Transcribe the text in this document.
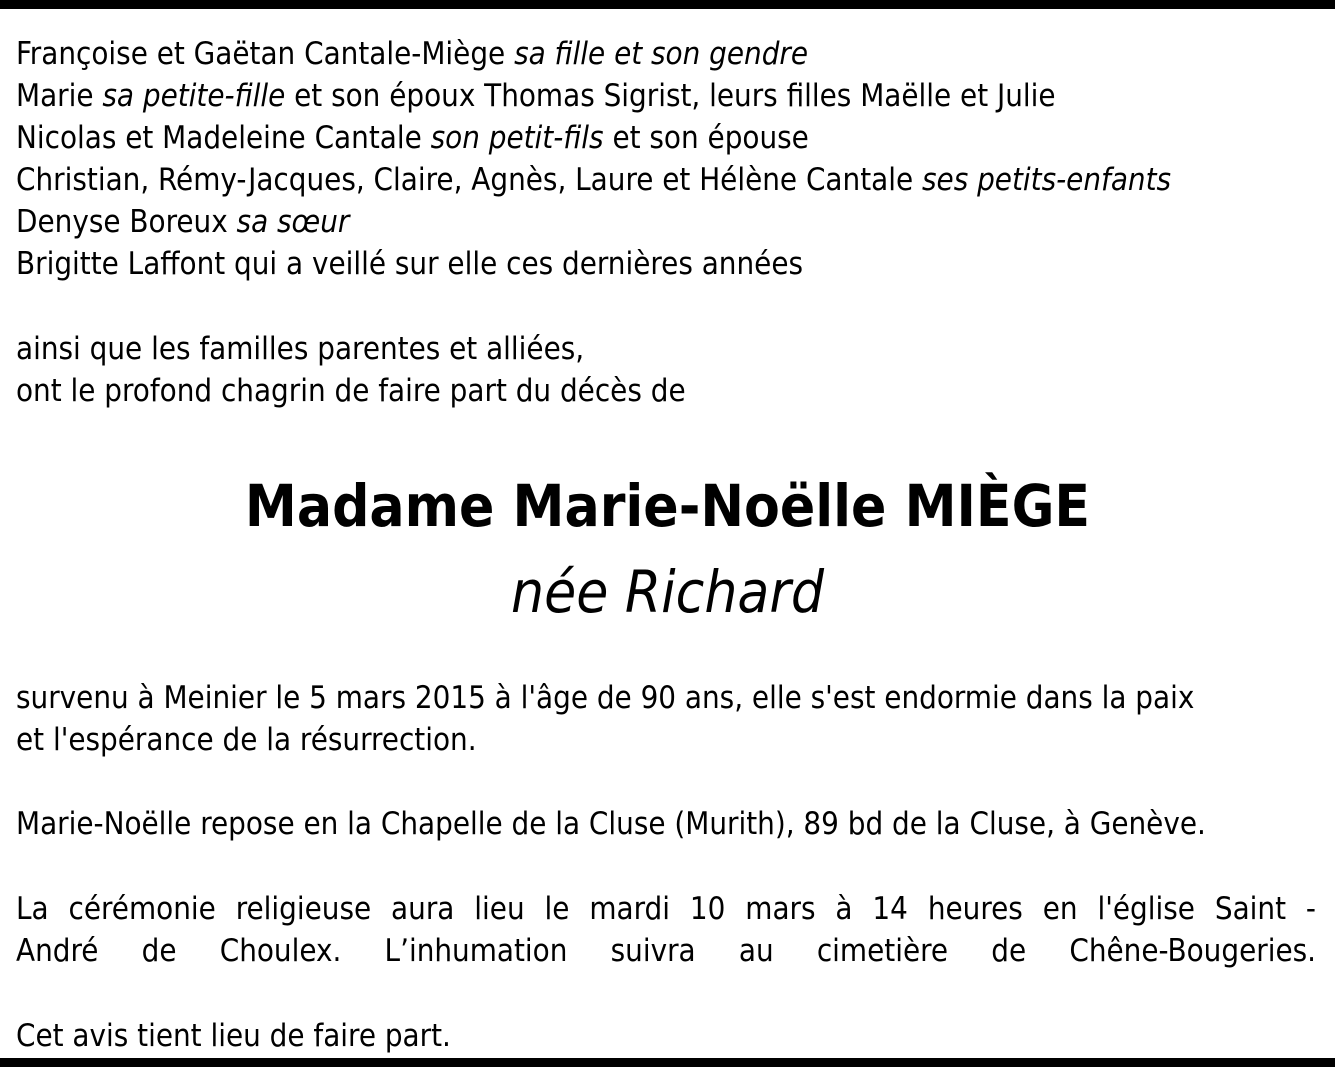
Françoise et Gaëtan Cantale-Miège sa fille et son gendre
Marie sa petite-fille et son époux Thomas Sigrist, leurs filles Maëlle et Julie
Nicolas et Madeleine Cantale son petit-fils et son épouse
Christian, Rémy-Jacques, Claire, Agnès, Laure et Hélène Cantale ses petits-enfants
Denyse Boreux sa sœur
Brigitte Laffont qui a veillé sur elle ces dernières années
ainsi que les familles parentes et alliées,
ont le profond chagrin de faire part du décès de
Madame Marie-Noëlle MIÈGE
née Richard
survenu à Meinier le 5 mars 2015 à l'âge de 90 ans, elle s'est endormie dans la paix
et l'espérance de la résurrection.
Marie-Noëlle repose en la Chapelle de la Cluse (Murith), 89 bd de la Cluse, à Genève.
La cérémonie religieuse aura lieu le mardi 10 mars à 14 heures en l'église Saint -
André de Choulex. L’inhumation suivra au cimetière de Chêne-Bougeries.
Cet avis tient lieu de faire part.
